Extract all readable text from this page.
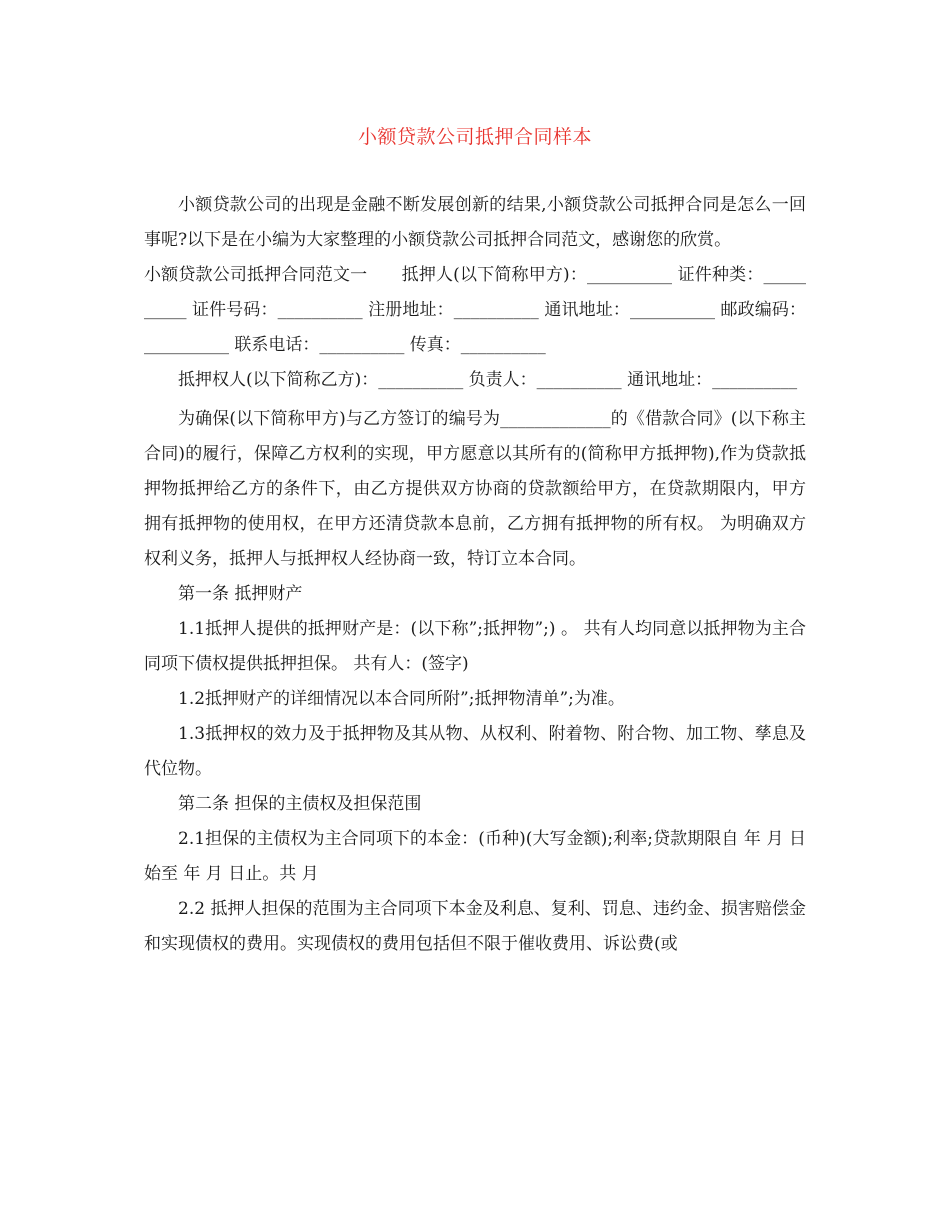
小额贷款公司抵押合同样本

小额贷款公司的出现是金融不断发展创新的结果,小额贷款公司抵押合同是怎么一回事呢?以下是在小编为大家整理的小额贷款公司抵押合同范文，感谢您的欣赏。

小额贷款公司抵押合同范文一　　抵押人(以下简称甲方)：__________ 证件种类：__________ 证件号码：__________ 注册地址：__________ 通讯地址：__________ 邮政编码：__________ 联系电话：__________ 传真：__________

抵押权人(以下简称乙方)：__________ 负责人：__________ 通讯地址：__________

为确保(以下简称甲方)与乙方签订的编号为_____________的《借款合同》(以下称主合同)的履行，保障乙方权利的实现，甲方愿意以其所有的(简称甲方抵押物),作为贷款抵押物抵押给乙方的条件下，由乙方提供双方协商的贷款额给甲方，在贷款期限内，甲方拥有抵押物的使用权，在甲方还清贷款本息前，乙方拥有抵押物的所有权。 为明确双方权利义务，抵押人与抵押权人经协商一致，特订立本合同。

第一条 抵押财产

1.1抵押人提供的抵押财产是：(以下称”;抵押物”;) 。 共有人均同意以抵押物为主合同项下债权提供抵押担保。 共有人：(签字)

1.2抵押财产的详细情况以本合同所附”;抵押物清单”;为准。

1.3抵押权的效力及于抵押物及其从物、从权利、附着物、附合物、加工物、孳息及代位物。

第二条 担保的主债权及担保范围

2.1担保的主债权为主合同项下的本金：(币种)(大写金额);利率;贷款期限自 年 月 日始至 年 月 日止。共 月

2.2 抵押人担保的范围为主合同项下本金及利息、复利、罚息、违约金、损害赔偿金和实现债权的费用。实现债权的费用包括但不限于催收费用、诉讼费(或
